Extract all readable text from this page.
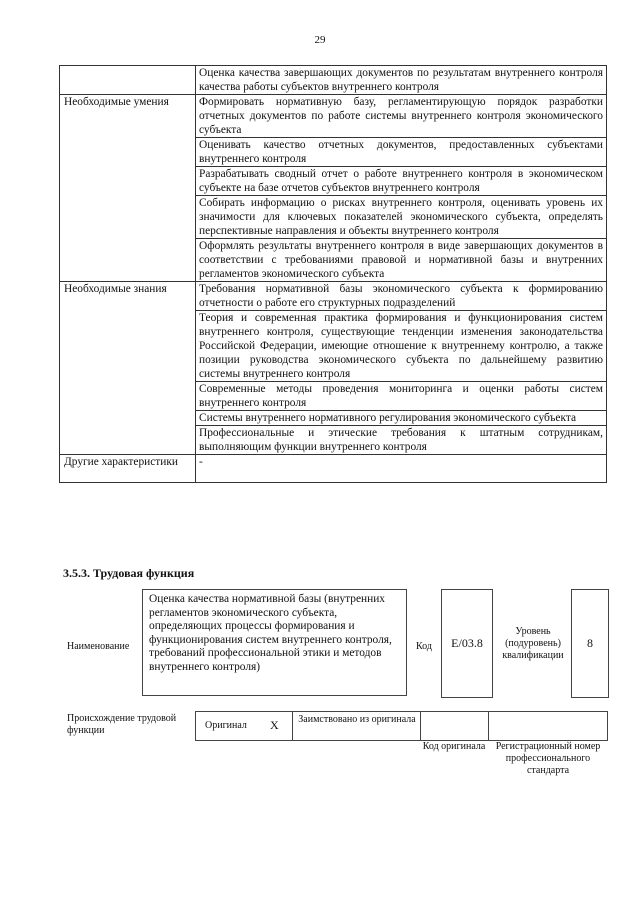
29
	Оценка качества завершающих документов по результатам внутреннего контроля качества работы субъектов внутреннего контроля
Необходимые умения	Формировать нормативную базу, регламентирующую порядок разработки отчетных документов по работе системы внутреннего контроля экономического субъекта
	Оценивать качество отчетных документов, предоставленных субъектами внутреннего контроля
	Разрабатывать сводный отчет о работе внутреннего контроля в экономическом субъекте на базе отчетов субъектов внутреннего контроля
	Собирать информацию о рисках внутреннего контроля, оценивать уровень их значимости для ключевых показателей экономического субъекта, определять перспективные направления и объекты внутреннего контроля
	Оформлять результаты внутреннего контроля в виде завершающих документов в соответствии с требованиями правовой и нормативной базы и внутренних регламентов экономического субъекта
Необходимые знания	Требования нормативной базы экономического субъекта к формированию отчетности о работе его структурных подразделений
	Теория и современная практика формирования и функционирования систем внутреннего контроля, существующие тенденции изменения законодательства Российской Федерации, имеющие отношение к внутреннему контролю, а также позиции руководства экономического субъекта по дальнейшему развитию системы внутреннего контроля
	Современные методы проведения мониторинга и оценки работы систем внутреннего контроля
	Системы внутреннего нормативного регулирования экономического субъекта
	Профессиональные и этические требования к штатным сотрудникам, выполняющим функции внутреннего контроля
Другие характеристики	-
3.5.3. Трудовая функция
Наименование
Оценка качества нормативной базы (внутренних регламентов экономического субъекта, определяющих процессы формирования и функционирования систем внутреннего контроля, требований профессиональной этики и методов внутреннего контроля)
Код	E/03.8
Уровень (подуровень) квалификации
8
Происхождение трудовой функции	Оригинал X	Заимствовано из оригинала
Код оригинала	Регистрационный номер профессионального стандарта
